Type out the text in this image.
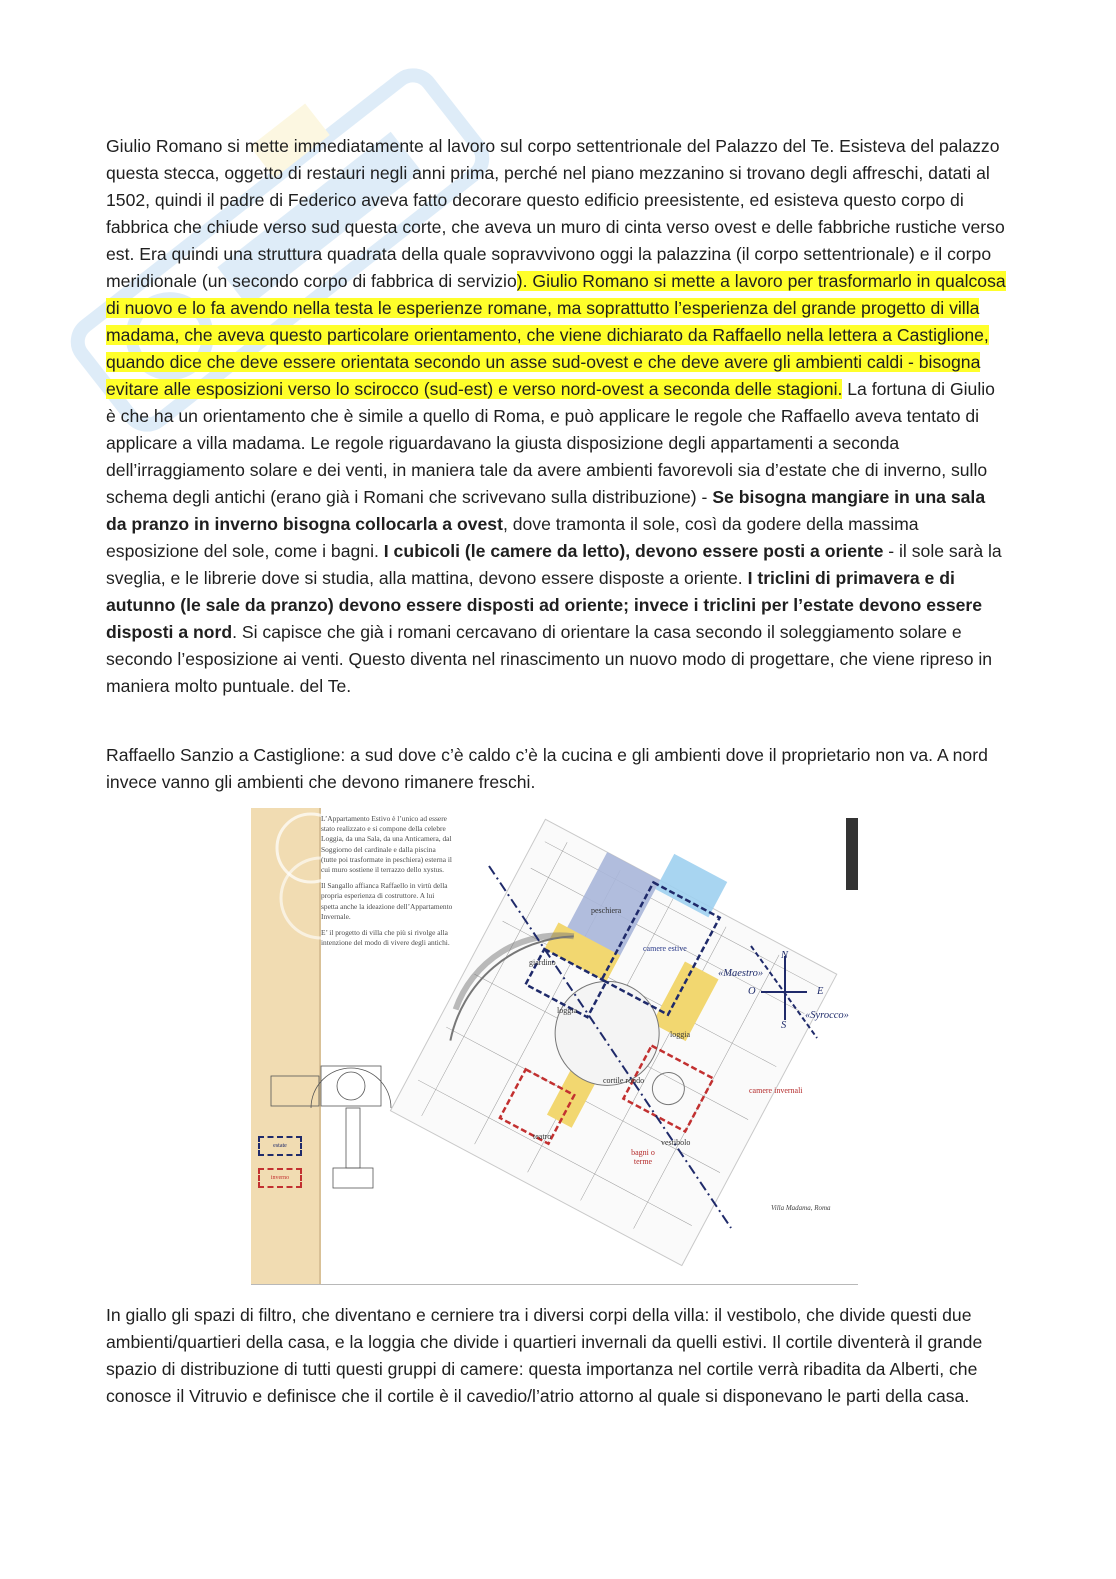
Giulio Romano si mette immediatamente al lavoro sul corpo settentrionale del Palazzo del Te. Esisteva del palazzo questa stecca, oggetto di restauri negli anni prima, perché nel piano mezzanino si trovano degli affreschi, datati al 1502, quindi il padre di Federico aveva fatto decorare questo edificio preesistente, ed esisteva questo corpo di fabbrica che chiude verso sud questa corte, che aveva un muro di cinta verso ovest e delle fabbriche rustiche verso est. Era quindi una struttura quadrata della quale sopravvivono oggi la palazzina (il corpo settentrionale) e il corpo meridionale (un secondo corpo di fabbrica di servizio). Giulio Romano si mette a lavoro per trasformarlo in qualcosa di nuovo e lo fa avendo nella testa le esperienze romane, ma soprattutto l’esperienza del grande progetto di villa madama, che aveva questo particolare orientamento, che viene dichiarato da Raffaello nella lettera a Castiglione, quando dice che deve essere orientata secondo un asse sud-ovest e che deve avere gli ambienti caldi - bisogna evitare alle esposizioni verso lo scirocco (sud-est) e verso nord-ovest a seconda delle stagioni. La fortuna di Giulio è che ha un orientamento che è simile a quello di Roma, e può applicare le regole che Raffaello aveva tentato di applicare a villa madama. Le regole riguardavano la giusta disposizione degli appartamenti a seconda dell’irraggiamento solare e dei venti, in maniera tale da avere ambienti favorevoli sia d’estate che di inverno, sullo schema degli antichi (erano già i Romani che scrivevano sulla distribuzione) - Se bisogna mangiare in una sala da pranzo in inverno bisogna collocarla a ovest, dove tramonta il sole, così da godere della massima esposizione del sole, come i bagni. I cubicoli (le camere da letto), devono essere posti a oriente - il sole sarà la sveglia, e le librerie dove si studia, alla mattina, devono essere disposte a oriente. I triclini di primavera e di autunno (le sale da pranzo) devono essere disposti ad oriente; invece i triclini per l’estate devono essere disposti a nord. Si capisce che già i romani cercavano di orientare la casa secondo il soleggiamento solare e secondo l’esposizione ai venti. Questo diventa nel rinascimento un nuovo modo di progettare, che viene ripreso in maniera molto puntuale. del Te.

Raffaello Sanzio a Castiglione: a sud dove c’è caldo c’è la cucina e gli ambienti dove il proprietario non va. A nord invece vanno gli ambienti che devono rimanere freschi.

L’Appartamento Estivo è l’unico ad essere stato realizzato e si compone della celebre Loggia, da una Sala, da una Anticamera, dal Soggiorno del cardinale e dalla piscina (tutte poi trasformate in peschiera) esterna il cui muro sostiene il terrazzo dello xystus.

Il Sangallo affianca Raffaello in virtù della propria esperienza di costruttore. A lui spetta anche la ideazione dell’Appartamento Invernale.

E’ il progetto di villa che più si rivolge alla intenzione del modo di vivere degli antichi.

peschiera
giardino
camere estive
loggia
loggia
cortile rondo
camere invernali
teatro
vestibolo
bagni o terme
N
E
O
S
«Maestro»
«Syrocco»
estate
inverno
Villa Madama, Roma

In giallo gli spazi di filtro, che diventano e cerniere tra i diversi corpi della villa: il vestibolo, che divide questi due ambienti/quartieri della casa, e la loggia che divide i quartieri invernali da quelli estivi. Il cortile diventerà il grande spazio di distribuzione di tutti questi gruppi di camere: questa importanza nel cortile verrà ribadita da Alberti, che conosce il Vitruvio e definisce che il cortile è il cavedio/l’atrio attorno al quale si disponevano le parti della casa.
